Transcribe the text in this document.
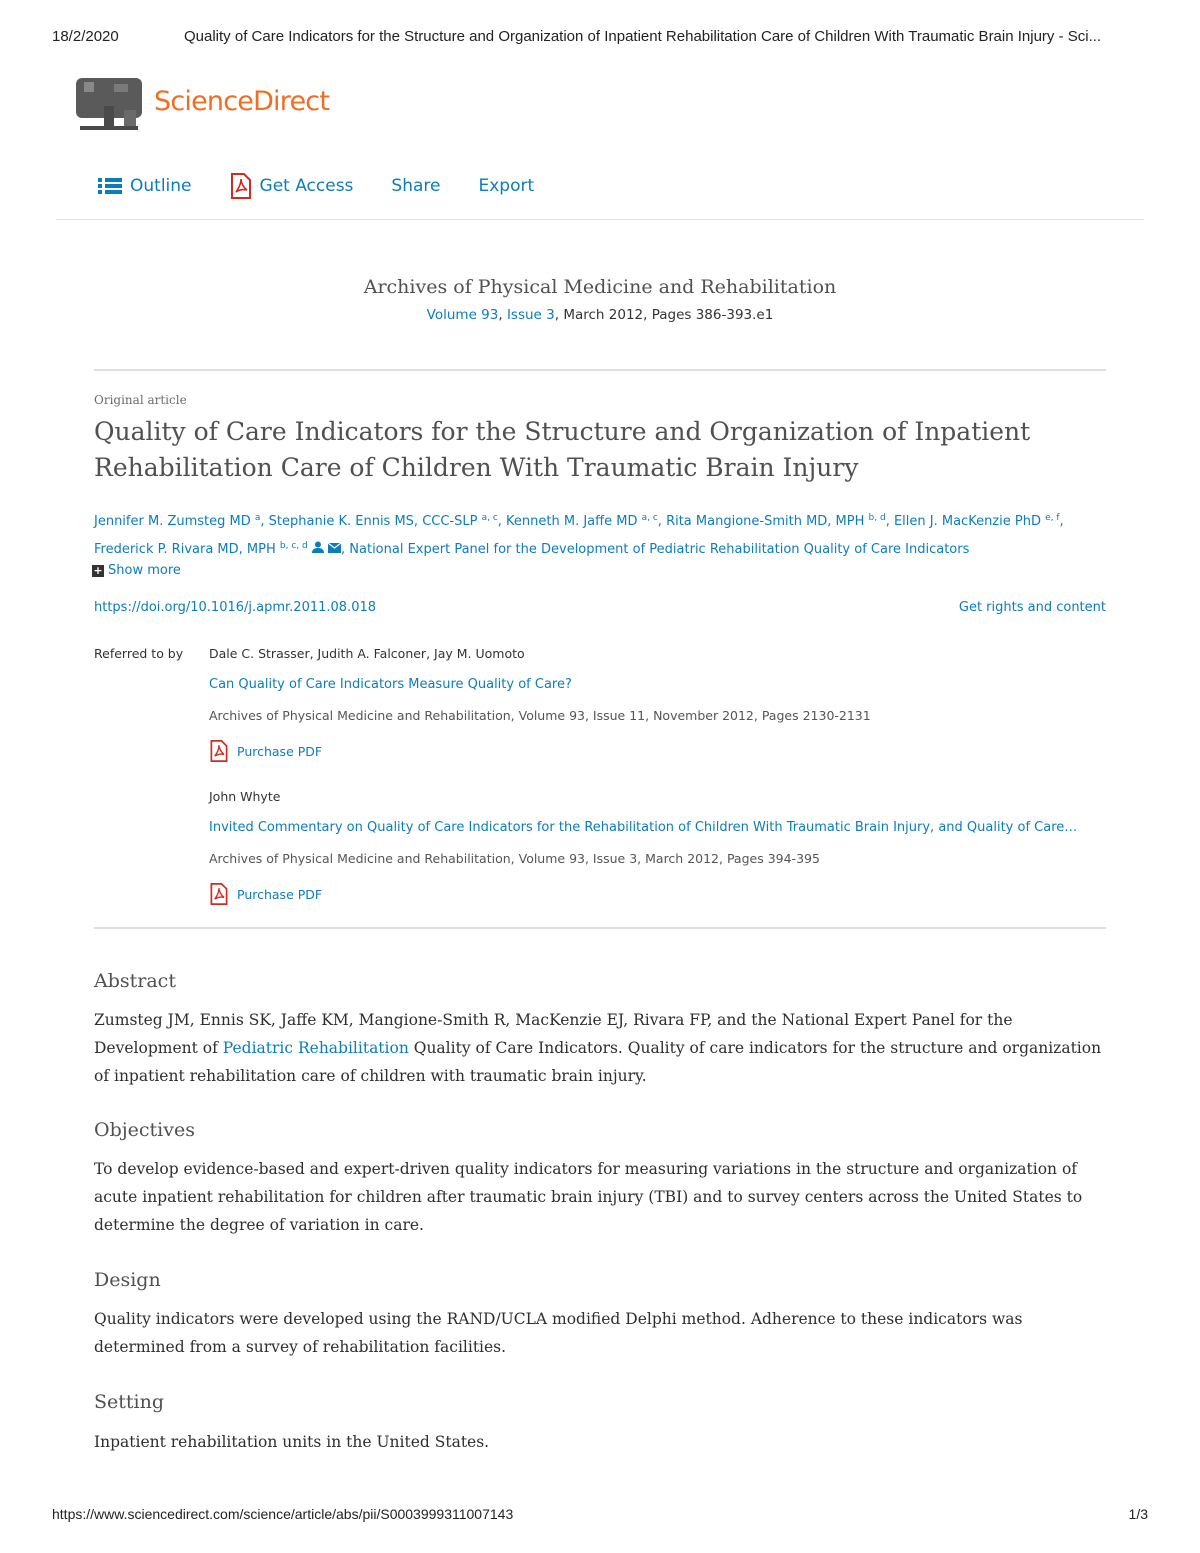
18/2/2020	Quality of Care Indicators for the Structure and Organization of Inpatient Rehabilitation Care of Children With Traumatic Brain Injury - Sci...
ScienceDirect
Outline	Get Access Share Export
Archives of Physical Medicine and Rehabilitation
Volume 93, Issue 3, March 2012, Pages 386-393.e1
Original article
Quality of Care Indicators for the Structure and Organization of Inpatient Rehabilitation Care of Children With Traumatic Brain Injury
Jennifer M. Zumsteg MD $^a$, Stephanie K. Ennis MS, CCC-SLP $^{a, c}$, Kenneth M. Jaffe MD $^{a, c}$, Rita Mangione-Smith MD, MPH $^{b, d}$, Ellen J. MacKenzie PhD $^{e, f}$, Frederick P. Rivara MD, MPH $^{b, c, d}$	, National Expert Panel for the Development of Pediatric Rehabilitation Quality of Care Indicators
+ Show more
https://doi.org/10.1016/j.apmr.2011.08.018	Get rights and content
Referred to by Dale C. Strasser, Judith A. Falconer, Jay M. Uomoto
Can Quality of Care Indicators Measure Quality of Care?
Archives of Physical Medicine and Rehabilitation, Volume 93, Issue 11, November 2012, Pages 2130-2131
Purchase PDF
John Whyte
Invited Commentary on Quality of Care Indicators for the Rehabilitation of Children With Traumatic Brain Injury, and Quality of Care…
Archives of Physical Medicine and Rehabilitation, Volume 93, Issue 3, March 2012, Pages 394-395
Purchase PDF
Abstract
Zumsteg JM, Ennis SK, Jaffe KM, Mangione-Smith R, MacKenzie EJ, Rivara FP, and the National Expert Panel for the Development of Pediatric Rehabilitation Quality of Care Indicators. Quality of care indicators for the structure and organization of inpatient rehabilitation care of children with traumatic brain injury.
Objectives
To develop evidence-based and expert-driven quality indicators for measuring variations in the structure and organization of acute inpatient rehabilitation for children after traumatic brain injury (TBI) and to survey centers across the United States to determine the degree of variation in care.
Design
Quality indicators were developed using the RAND/UCLA modified Delphi method. Adherence to these indicators was determined from a survey of rehabilitation facilities.
Setting
Inpatient rehabilitation units in the United States.
https://www.sciencedirect.com/science/article/abs/pii/S0003999311007143	1/3
